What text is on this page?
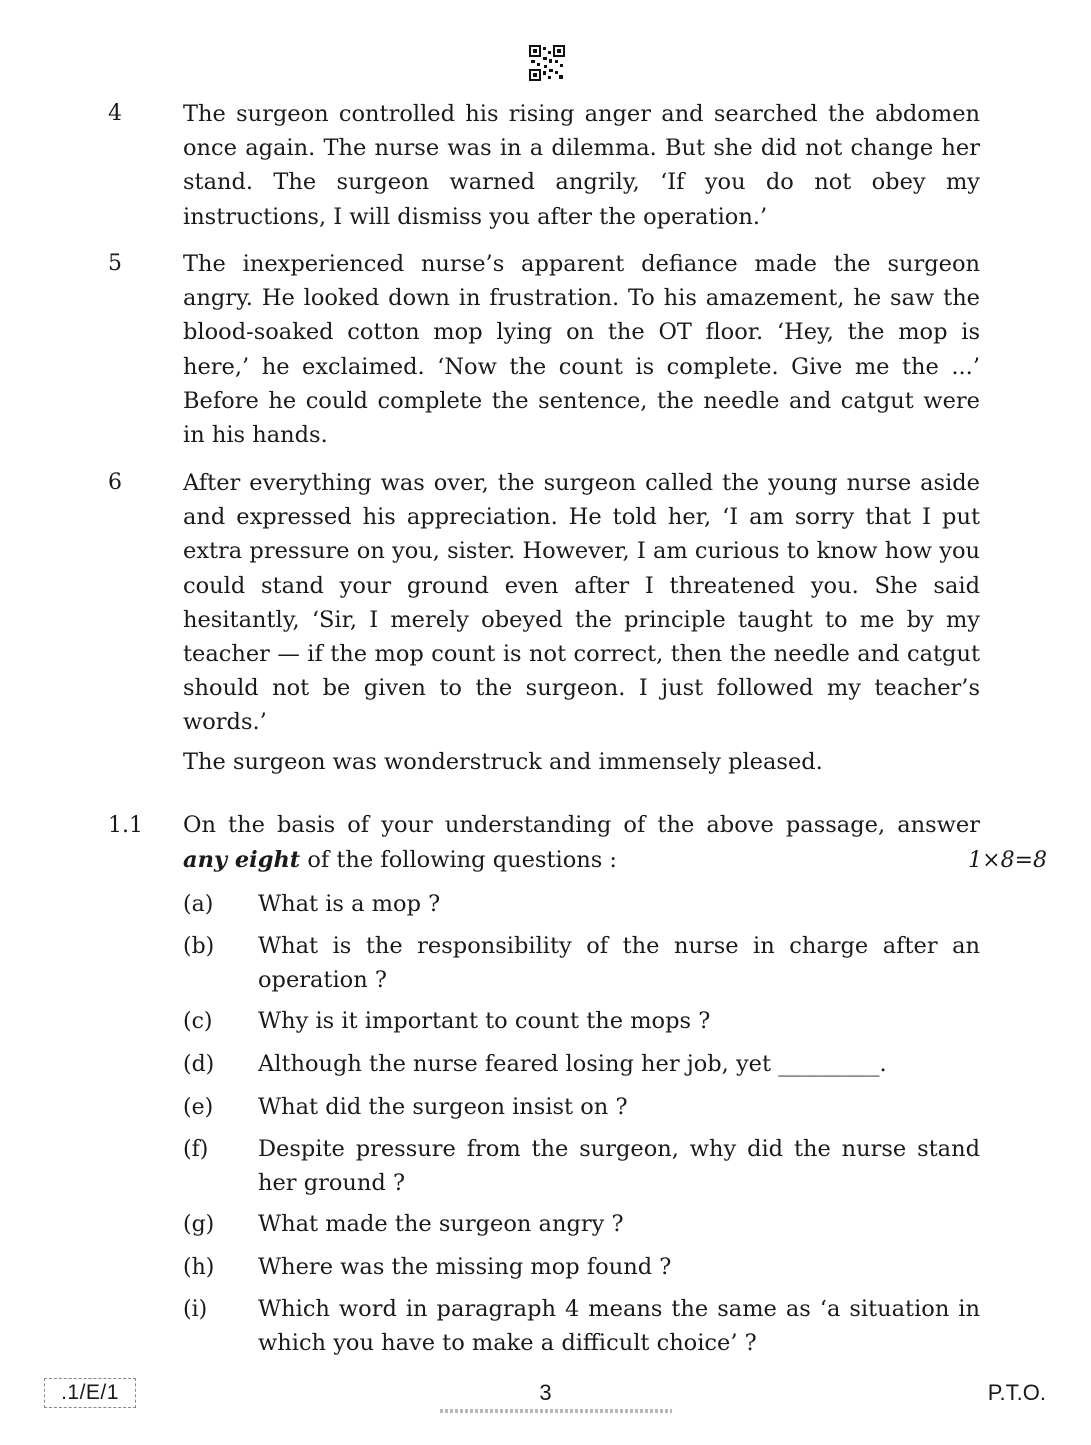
4	The surgeon controlled his rising anger and searched the abdomen once again. The nurse was in a dilemma. But she did not change her stand. The surgeon warned angrily, ‘If you do not obey my instructions, I will dismiss you after the operation.’

5	The inexperienced nurse’s apparent defiance made the surgeon angry. He looked down in frustration. To his amazement, he saw the blood-soaked cotton mop lying on the OT floor. ‘Hey, the mop is here,’ he exclaimed. ‘Now the count is complete. Give me the ...’ Before he could complete the sentence, the needle and catgut were in his hands.

6	After everything was over, the surgeon called the young nurse aside and expressed his appreciation. He told her, ‘I am sorry that I put extra pressure on you, sister. However, I am curious to know how you could stand your ground even after I threatened you. She said hesitantly, ‘Sir, I merely obeyed the principle taught to me by my teacher — if the mop count is not correct, then the needle and catgut should not be given to the surgeon. I just followed my teacher’s words.’

The surgeon was wonderstruck and immensely pleased.

1.1 On the basis of your understanding of the above passage, answer any eight of the following questions :	1×8=8
(a) What is a mop ?
(b) What is the responsibility of the nurse in charge after an operation ?
(c) Why is it important to count the mops ?
(d) Although the nurse feared losing her job, yet _________.
(e) What did the surgeon insist on ?
(f) Despite pressure from the surgeon, why did the nurse stand her ground ?
(g) What made the surgeon angry ?
(h) Where was the missing mop found ?
(i) Which word in paragraph 4 means the same as ‘a situation in which you have to make a difficult choice’ ?
.1/E/1	3	P.T.O.
